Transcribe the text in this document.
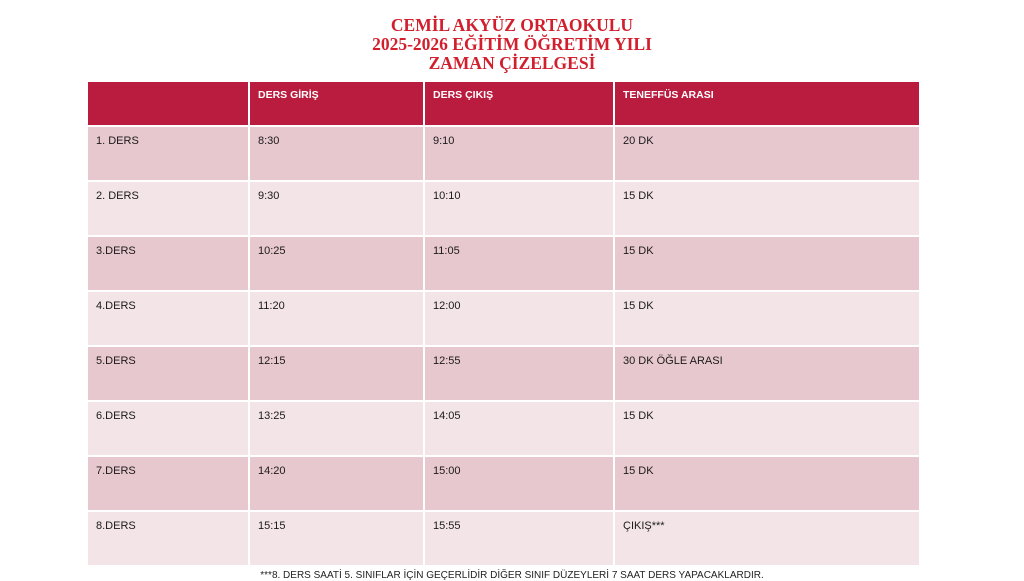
CEMİL AKYÜZ ORTAOKULU
2025-2026 EĞİTİM ÖĞRETİM YILI
ZAMAN ÇİZELGESİ
	DERS GİRİŞ	DERS ÇIKIŞ	TENEFFÜS ARASI
1. DERS	8:30	9:10	20 DK
2. DERS	9:30	10:10	15 DK
3.DERS	10:25	11:05	15 DK
4.DERS	11:20	12:00	15 DK
5.DERS	12:15	12:55	30 DK ÖĞLE ARASI
6.DERS	13:25	14:05	15 DK
7.DERS	14:20	15:00	15 DK
8.DERS	15:15	15:55	ÇIKIŞ***
***8. DERS SAATİ 5. SINIFLAR İÇİN GEÇERLİDİR DİĞER SINIF DÜZEYLERİ 7 SAAT DERS YAPACAKLARDIR.
